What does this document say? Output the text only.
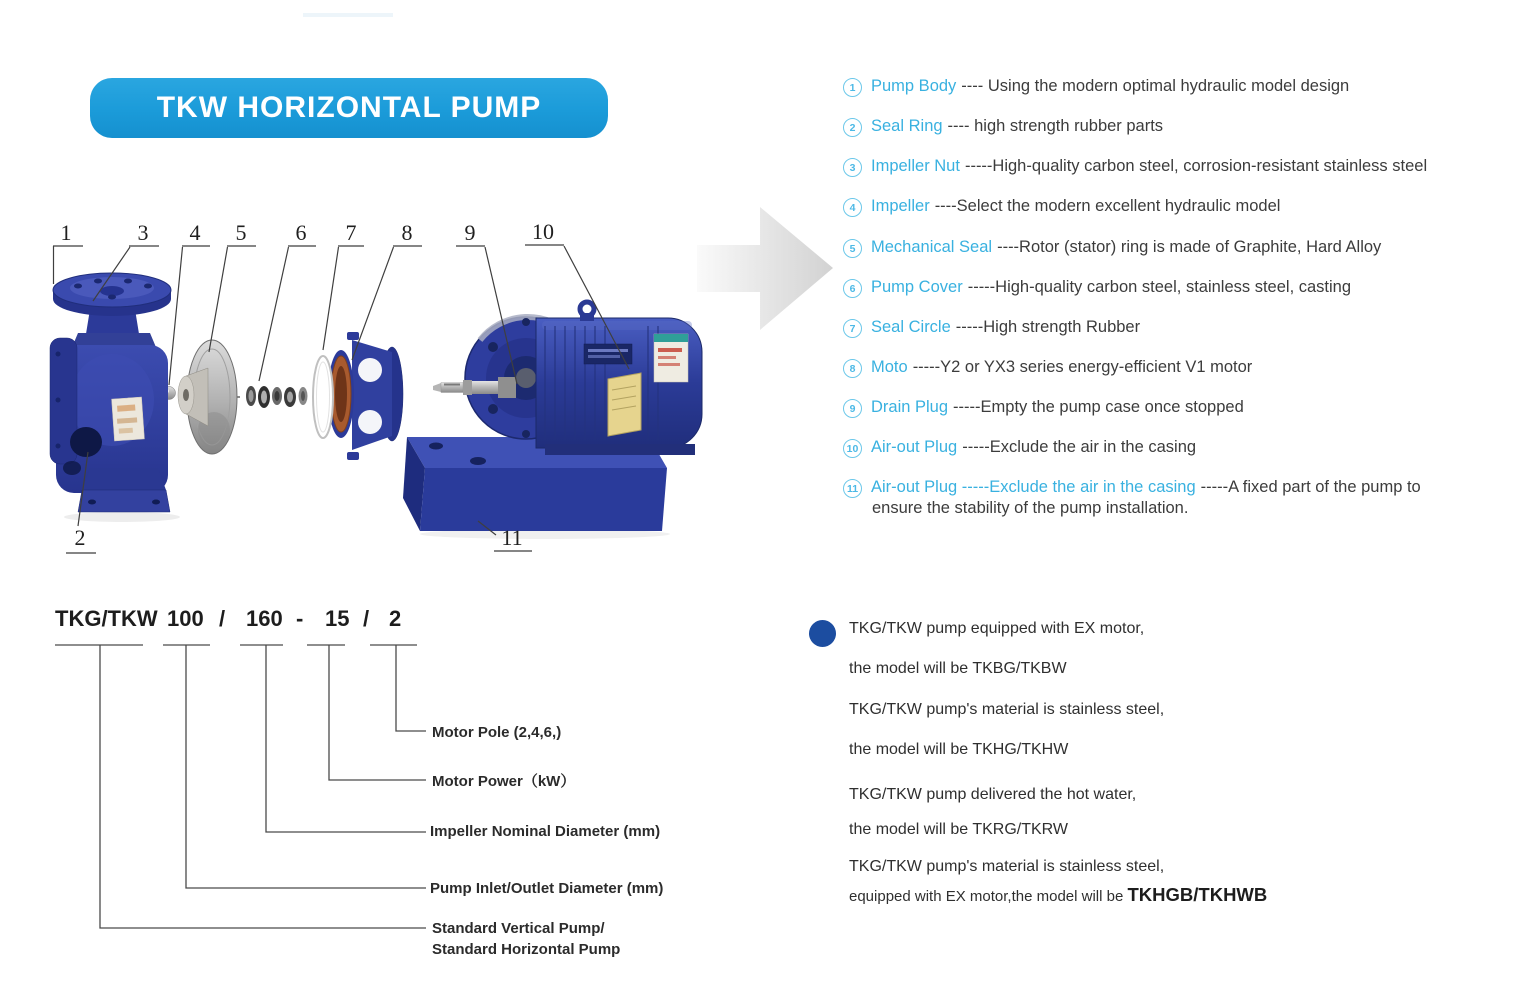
TKW HORIZONTAL PUMP
1	3 4 5 6 7 8 9	10
2	11
1 Pump Body ---- Using the modern optimal hydraulic model design
2 Seal Ring ---- high strength rubber parts
3 Impeller Nut -----High-quality carbon steel, corrosion-resistant stainless steel
4 Impeller ----Select the modern excellent hydraulic model
5 Mechanical Seal ----Rotor (stator) ring is made of Graphite, Hard Alloy
6 Pump Cover -----High-quality carbon steel, stainless steel, casting
7 Seal Circle -----High strength Rubber
8 Moto -----Y2 or YX3 series energy-efficient V1 motor
9 Drain Plug -----Empty the pump case once stopped
10 Air-out Plug -----Exclude the air in the casing
11 Air-out Plug -----Exclude the air in the casing -----A fixed part of the pump to
ensure the stability of the pump installation.
TKG/TKW 100 / 160 - 15 / 2
Motor Pole (2,4,6,)
Motor Power（kW）
Impeller Nominal Diameter (mm)
Pump Inlet/Outlet Diameter (mm)
Standard Vertical Pump/
Standard Horizontal Pump
TKG/TKW pump equipped with EX motor,
the model will be TKBG/TKBW
TKG/TKW pump's material is stainless steel,
the model will be TKHG/TKHW
TKG/TKW pump delivered the hot water,
the model will be TKRG/TKRW
TKG/TKW pump's material is stainless steel,
equipped with EX motor,the model will be TKHGB/TKHWB
